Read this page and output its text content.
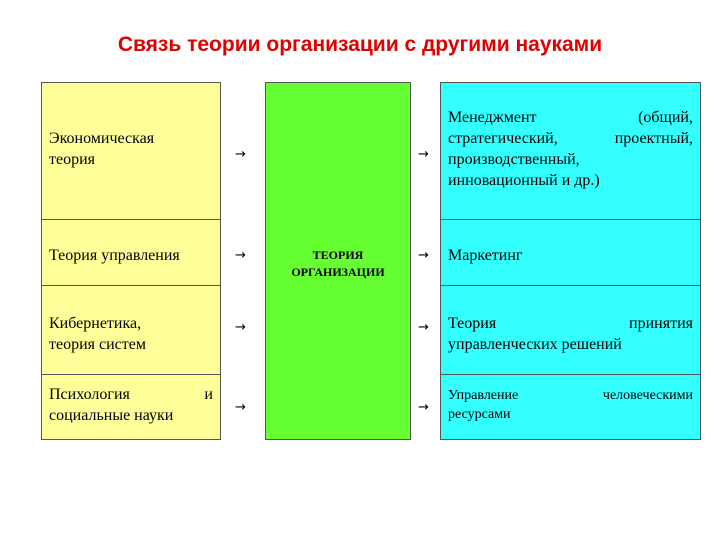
Связь теории организации с другими науками
Экономическая
теория
Теория управления
Кибернетика,
теория систем
Психология и
социальные науки
→
→
→
→
ТЕОРИЯ
ОРГАНИЗАЦИИ
→
→
→
→
Менеджмент (общий,
стратегический, проектный,
производственный,
инновационный и др.)
Маркетинг
Теория принятия
управленческих решений
Управление человеческими
ресурсами
